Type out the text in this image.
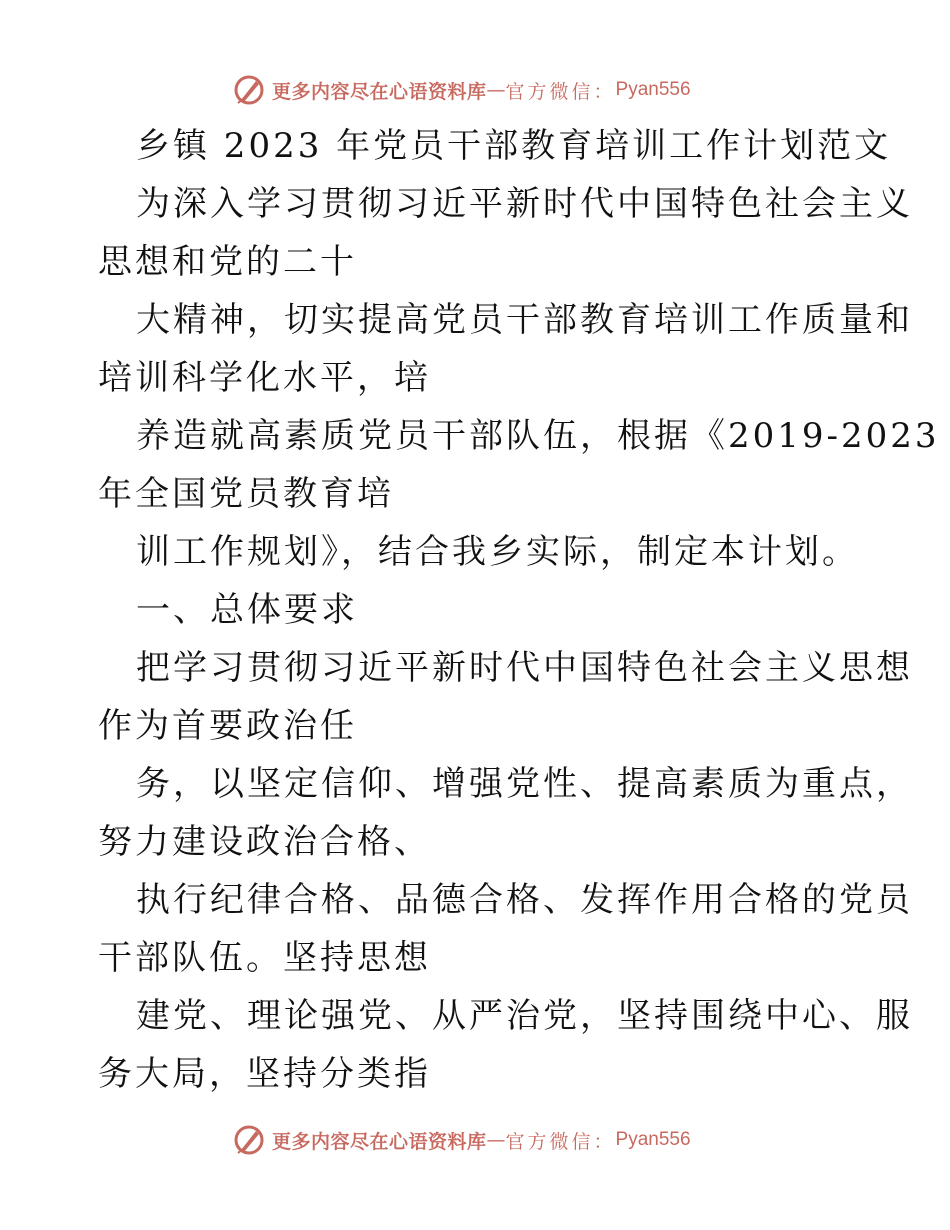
更多内容尽在心语资料库 — 官方微信： Pyan556
乡镇 2023 年党员干部教育培训工作计划范文
为深入学习贯彻习近平新时代中国特色社会主义
思想和党的二十
大精神，切实提高党员干部教育培训工作质量和
培训科学化水平，培
养造就高素质党员干部队伍，根据《2019-2023
年全国党员教育培
训工作规划》，结合我乡实际，制定本计划。
一、总体要求
把学习贯彻习近平新时代中国特色社会主义思想
作为首要政治任
务，以坚定信仰、增强党性、提高素质为重点，
努力建设政治合格、
执行纪律合格、品德合格、发挥作用合格的党员
干部队伍。坚持思想
建党、理论强党、从严治党，坚持围绕中心、服
务大局，坚持分类指
更多内容尽在心语资料库 — 官方微信： Pyan556
